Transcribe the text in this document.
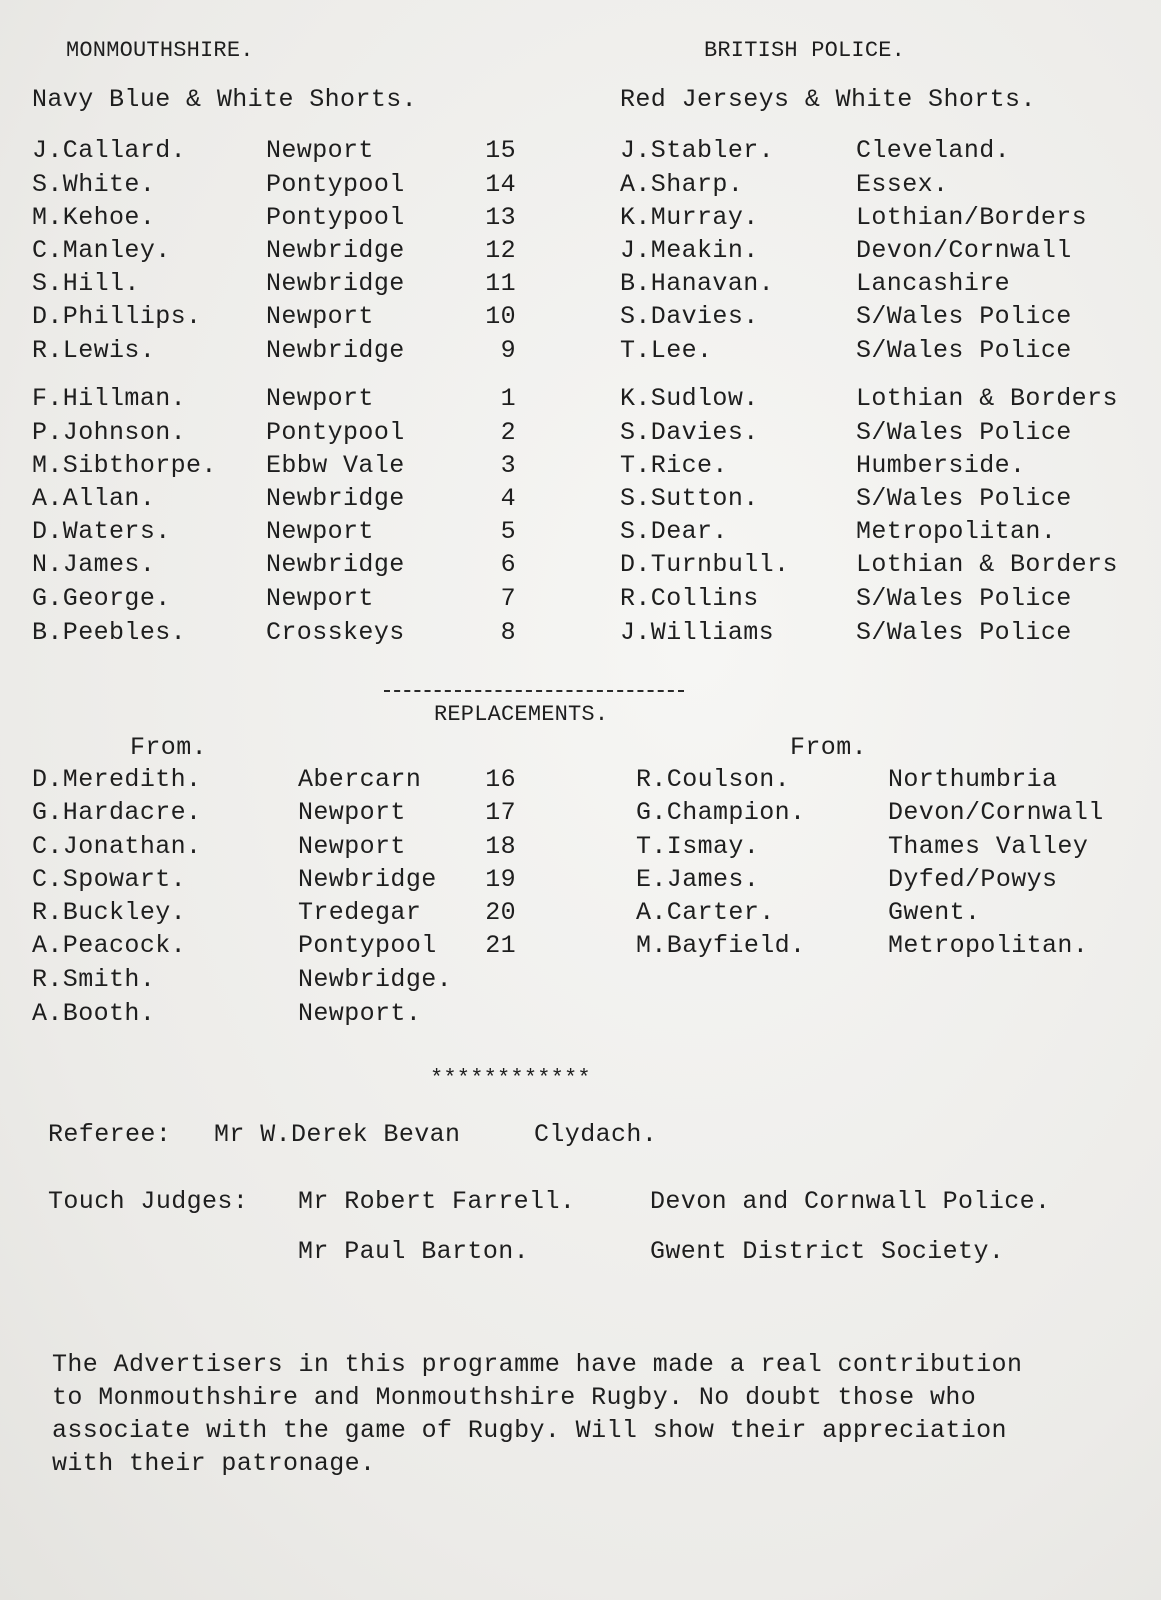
MONMOUTHSHIRE.	BRITISH POLICE.
Navy Blue & White Shorts.	Red Jerseys & White Shorts.
J.Callard.	Newport	15	J.Stabler.	Cleveland.
S.White.	Pontypool	14	A.Sharp.	Essex.
M.Kehoe.	Pontypool	13	K.Murray.	Lothian/Borders
C.Manley.	Newbridge	12	J.Meakin.	Devon/Cornwall
S.Hill.	Newbridge	11	B.Hanavan.	Lancashire
D.Phillips.	Newport	10	S.Davies.	S/Wales Police
R.Lewis.	Newbridge	9	T.Lee.	S/Wales Police
F.Hillman.	Newport	1	K.Sudlow.	Lothian & Borders
P.Johnson.	Pontypool	2	S.Davies.	S/Wales Police
M.Sibthorpe. Ebbw Vale	3	T.Rice.	Humberside.
A.Allan.	Newbridge	4	S.Sutton.	S/Wales Police
D.Waters.	Newport	5	S.Dear.	Metropolitan.
N.James.	Newbridge	6	D.Turnbull.	Lothian & Borders
G.George.	Newport	7	R.Collins	S/Wales Police
B.Peebles.	Crosskeys	8	J.Williams	S/Wales Police
REPLACEMENTS.
From.	From.
D.Meredith.	Abercarn	16	R.Coulson.	Northumbria
G.Hardacre.	Newport	17	G.Champion.	Devon/Cornwall
C.Jonathan.	Newport	18	T.Ismay.	Thames Valley
C.Spowart.	Newbridge	19	E.James.	Dyfed/Powys
R.Buckley.	Tredegar	20	A.Carter.	Gwent.
A.Peacock.	Pontypool	21	M.Bayfield.	Metropolitan.
R.Smith.	Newbridge.
A.Booth.	Newport.
************
Referee: Mr W.Derek Bevan	Clydach.
Touch Judges: Mr Robert Farrell.	Devon and Cornwall Police.
Mr Paul Barton.	Gwent District Society.
The Advertisers in this programme have made a real contribution
to Monmouthshire and Monmouthshire Rugby. No doubt those who
associate with the game of Rugby. Will show their appreciation
with their patronage.
